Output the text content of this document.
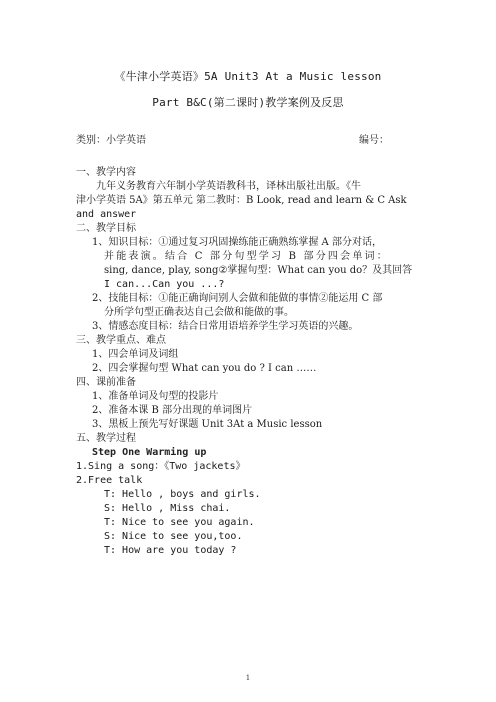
《牛津小学英语》5A Unit3 At a Music lesson
Part B&C(第二课时)教学案例及反思
类别：小学英语	编号：
一、教学内容
九年义务教育六年制小学英语教科书，译林出版社出版。《牛
津小学英语 5A》第五单元 第二教时：B Look, read and learn & C Ask
and answer
二、教学目标
1、知识目标：①通过复习巩固操练能正确熟练掌握 A 部分对话，
并能表演。结合 C 部分句型学习 B 部分四会单词：
sing, dance, play, song②掌握句型：What can you do？及其回答
I can...Can you ...?
2、技能目标：①能正确询问别人会做和能做的事情②能运用 C 部
分所学句型正确表达自己会做和能做的事。
3、情感态度目标：结合日常用语培养学生学习英语的兴趣。
三、教学重点、难点
1、四会单词及词组
2、四会掌握句型 What can you do ? I can ……
四、课前准备
1、准备单词及句型的投影片
2、准备本课 B 部分出现的单词图片
3、黑板上预先写好课题 Unit 3At a Music lesson
五、教学过程
Step One Warming up
1.Sing a song：《Two jackets》
2.Free talk
T: Hello , boys and girls.
S: Hello , Miss chai.
T: Nice to see you again.
S: Nice to see you,too.
T: How are you today ?
1
